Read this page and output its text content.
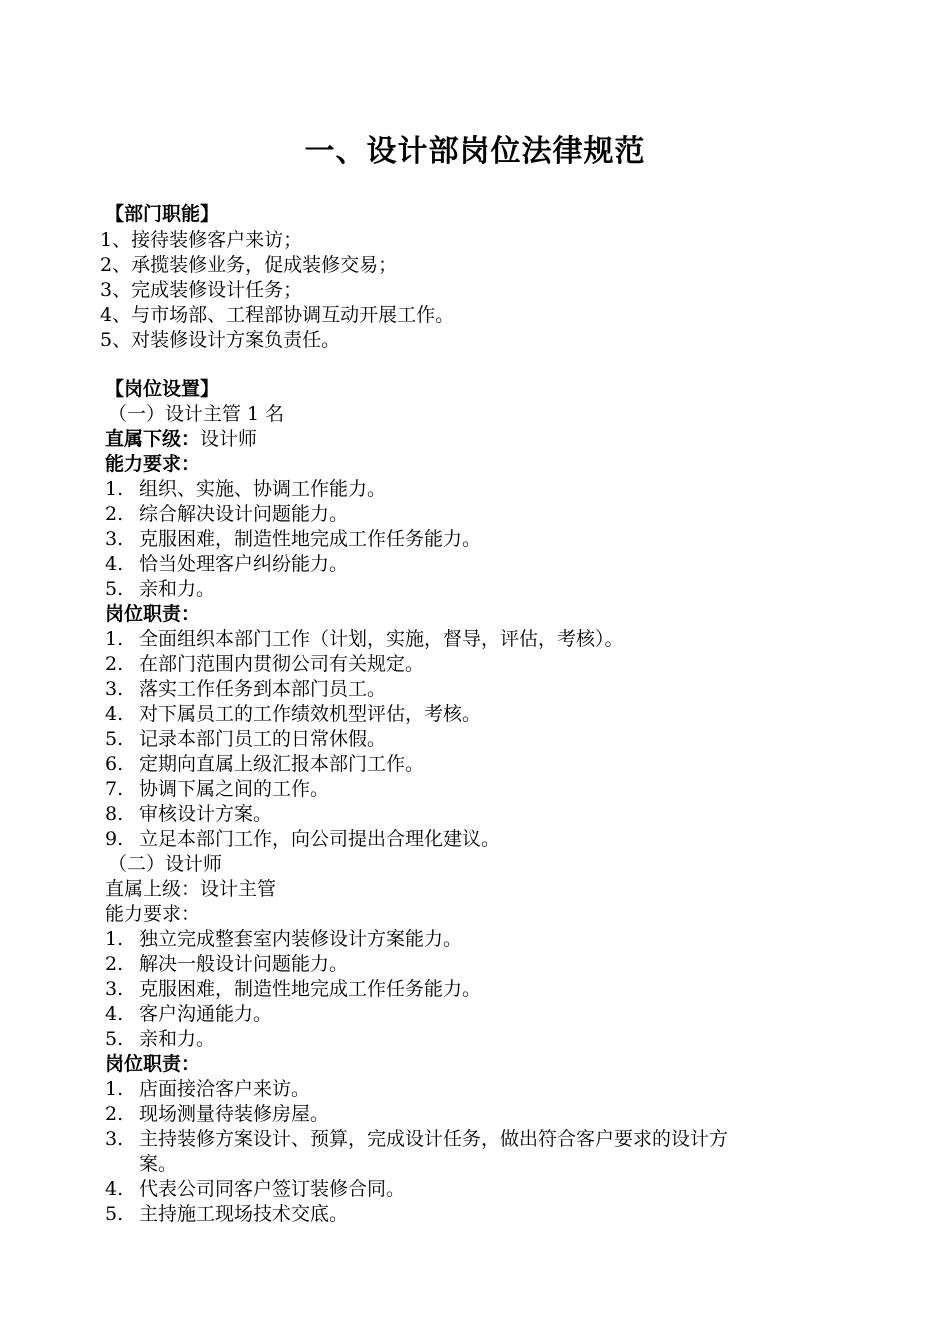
一、设计部岗位法律规范
【部门职能】
1、接待装修客户来访；
2、承揽装修业务，促成装修交易；
3、完成装修设计任务；
4、与市场部、工程部协调互动开展工作。
5、对装修设计方案负责任。
【岗位设置】
（一）设计主管 1 名
直属下级：设计师
能力要求：
1. 组织、实施、协调工作能力。
2. 综合解决设计问题能力。
3. 克服困难，制造性地完成工作任务能力。
4. 恰当处理客户纠纷能力。
5. 亲和力。
岗位职责：
1. 全面组织本部门工作（计划，实施，督导，评估，考核）。
2. 在部门范围内贯彻公司有关规定。
3. 落实工作任务到本部门员工。
4. 对下属员工的工作绩效机型评估，考核。
5. 记录本部门员工的日常休假。
6. 定期向直属上级汇报本部门工作。
7. 协调下属之间的工作。
8. 审核设计方案。
9. 立足本部门工作，向公司提出合理化建议。
（二）设计师
直属上级：设计主管
能力要求：
1. 独立完成整套室内装修设计方案能力。
2. 解决一般设计问题能力。
3. 克服困难，制造性地完成工作任务能力。
4. 客户沟通能力。
5. 亲和力。
岗位职责：
1. 店面接洽客户来访。
2. 现场测量待装修房屋。
3. 主持装修方案设计、预算，完成设计任务，做出符合客户要求的设计方
案。
4. 代表公司同客户签订装修合同。
5. 主持施工现场技术交底。
